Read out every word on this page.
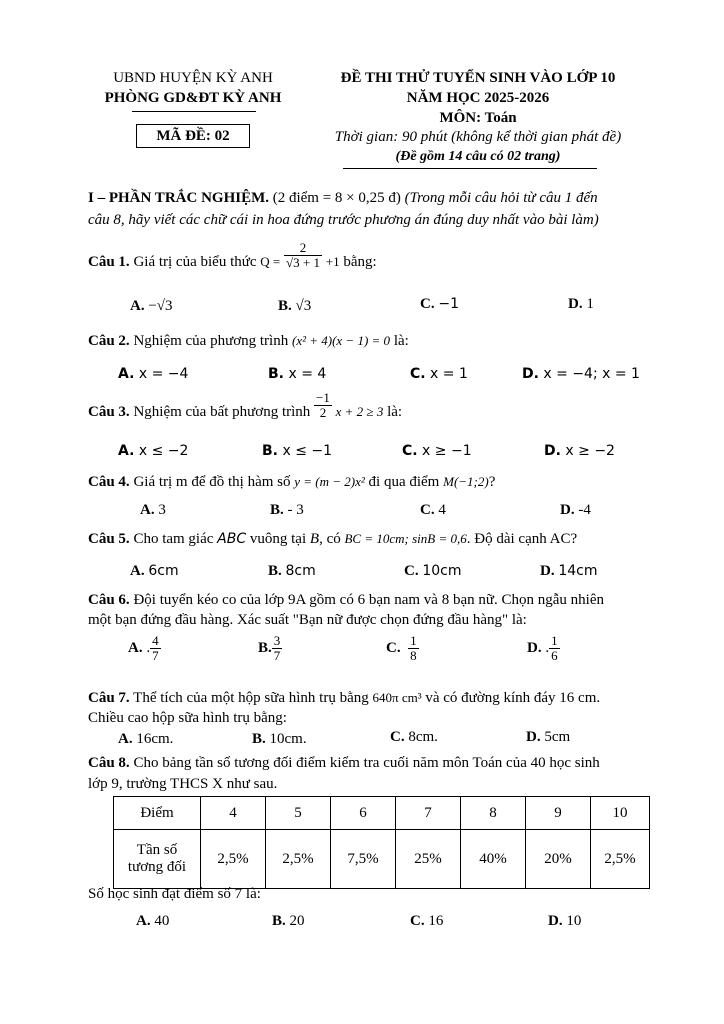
UBND HUYỆN KỲ ANH
PHÒNG GD&ĐT KỲ ANH
MÃ ĐỀ: 02
ĐỀ THI THỬ TUYỂN SINH VÀO LỚP 10
NĂM HỌC 2025-2026
MÔN: Toán
Thời gian: 90 phút (không kể thời gian phát đề)
(Đề gồm 14 câu có 02 trang)
I – PHẦN TRẮC NGHIỆM. (2 điểm = 8 × 0,25 đ) (Trong mỗi câu hỏi từ câu 1 đến
câu 8, hãy viết các chữ cái in hoa đứng trước phương án đúng duy nhất vào bài làm)
Câu 1. Giá trị của biểu thức $Q = \frac{2}{√3 + 1} +1$ bằng:
A. −√3	B. √3	C. −1	D. 1
Câu 2. Nghiệm của phương trình (x² + 4)(x − 1) = 0 là:
A. x = −4	B. x = 4	C. x = 1	D. x = −4; x = 1
Câu 3. Nghiệm của bất phương trình $\frac{-1}{2}$ x + 2 ≥ 3 là:
A. x ≤ −2	B. x ≤ −1	C. x ≥ −1	D. x ≥ −2
Câu 4. Giá trị m để đồ thị hàm số y = (m − 2)x² đi qua điểm M(−1;2)?
A. 3	B. - 3	C. 4	D. -4
Câu 5. Cho tam giác ABC vuông tại B, có BC = 10cm; sinB = 0,6. Độ dài cạnh AC?
A. 6cm	B. 8cm	C. 10cm	D. 14cm
Câu 6. Đội tuyển kéo co của lớp 9A gồm có 6 bạn nam và 8 bạn nữ. Chọn ngẫu nhiên
một bạn đứng đầu hàng. Xác suất "Bạn nữ được chọn đứng đầu hàng" là:
A. . $\frac{4}{7}$	B. $\frac{3}{7}$	C. $\frac{1}{8}$	D. . $\frac{1}{6}$
Câu 7. Thể tích của một hộp sữa hình trụ bằng 640π cm³ và có đường kính đáy 16 cm.
Chiều cao hộp sữa hình trụ bằng:
A. 16cm.	B. 10cm.	C. 8cm.	D. 5cm
Câu 8. Cho bảng tần số tương đối điểm kiểm tra cuối năm môn Toán của 40 học sinh
lớp 9, trường THCS X như sau.
Điểm	4	5	6	7	8	9	10

Tần số
tương đối	2,5%	2,5%	7,5%	25%	40%	20%	2,5%
Số học sinh đạt điểm số 7 là:
A. 40	B. 20	C. 16	D. 10
